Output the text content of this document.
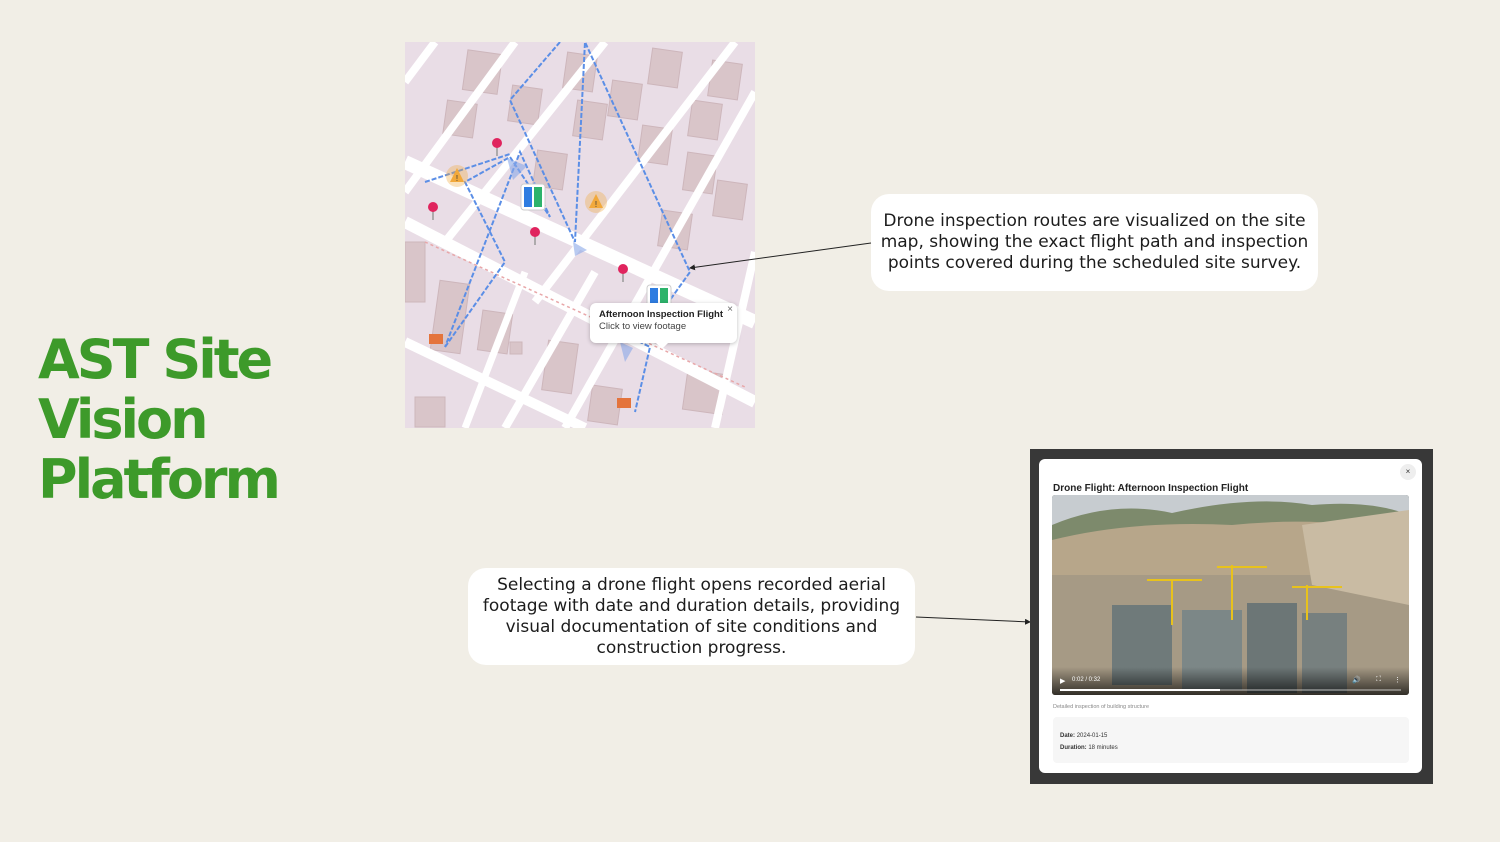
AST Site
Vision
Platform
!
!
Afternoon Inspection Flight
Click to view footage
×
Drone inspection routes are visualized on the site map, showing the exact flight path and inspection points covered during the scheduled site survey.
Selecting a drone flight opens recorded aerial footage with date and duration details, providing visual documentation of site conditions and construction progress.
Drone Flight: Afternoon Inspection Flight
×
▶ 0:02 / 0:32	🔊 ⛶ ⋮
Detailed inspection of building structure
Date: 2024-01-15
Duration: 18 minutes
